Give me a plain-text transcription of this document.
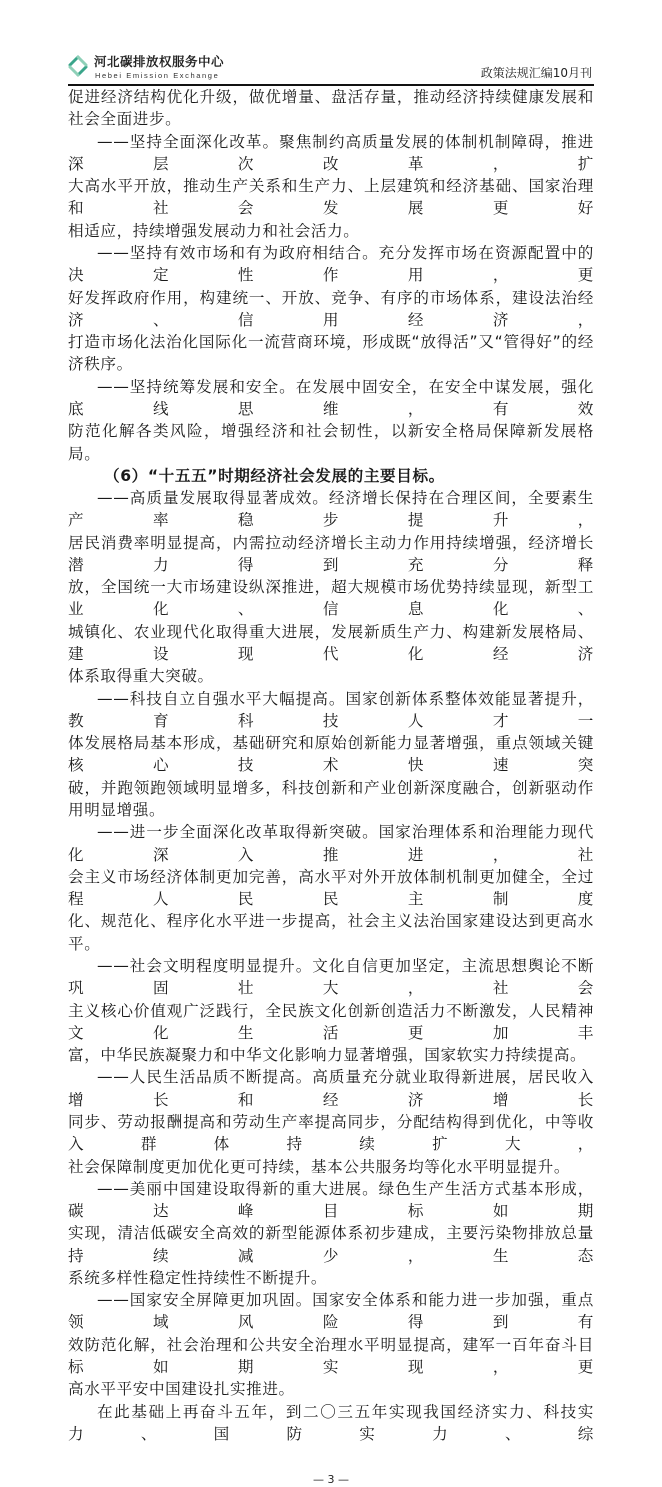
河北碳排放权服务中心
Hebei Emission Exchange	政策法规汇编10月刊
促进经济结构优化升级，做优增量、盘活存量，推动经济持续健康发展和社会全面进步。
——坚持全面深化改革。聚焦制约高质量发展的体制机制障碍，推进深层次改革，扩
大高水平开放，推动生产关系和生产力、上层建筑和经济基础、国家治理和社会发展更好
相适应，持续增强发展动力和社会活力。
——坚持有效市场和有为政府相结合。充分发挥市场在资源配置中的决定性作用，更
好发挥政府作用，构建统一、开放、竞争、有序的市场体系，建设法治经济、信用经济，
打造市场化法治化国际化一流营商环境，形成既“放得活”又“管得好”的经济秩序。
——坚持统筹发展和安全。在发展中固安全，在安全中谋发展，强化底线思维，有效
防范化解各类风险，增强经济和社会韧性，以新安全格局保障新发展格局。
（6）“十五五”时期经济社会发展的主要目标。
——高质量发展取得显著成效。经济增长保持在合理区间，全要素生产率稳步提升，
居民消费率明显提高，内需拉动经济增长主动力作用持续增强，经济增长潜力得到充分释
放，全国统一大市场建设纵深推进，超大规模市场优势持续显现，新型工业化、信息化、
城镇化、农业现代化取得重大进展，发展新质生产力、构建新发展格局、建设现代化经济
体系取得重大突破。
——科技自立自强水平大幅提高。国家创新体系整体效能显著提升，教育科技人才一
体发展格局基本形成，基础研究和原始创新能力显著增强，重点领域关键核心技术快速突
破，并跑领跑领域明显增多，科技创新和产业创新深度融合，创新驱动作用明显增强。
——进一步全面深化改革取得新突破。国家治理体系和治理能力现代化深入推进，社
会主义市场经济体制更加完善，高水平对外开放体制机制更加健全，全过程人民民主制度
化、规范化、程序化水平进一步提高，社会主义法治国家建设达到更高水平。
——社会文明程度明显提升。文化自信更加坚定，主流思想舆论不断巩固壮大，社会
主义核心价值观广泛践行，全民族文化创新创造活力不断激发，人民精神文化生活更加丰
富，中华民族凝聚力和中华文化影响力显著增强，国家软实力持续提高。
——人民生活品质不断提高。高质量充分就业取得新进展，居民收入增长和经济增长
同步、劳动报酬提高和劳动生产率提高同步，分配结构得到优化，中等收入群体持续扩大，
社会保障制度更加优化更可持续，基本公共服务均等化水平明显提升。
——美丽中国建设取得新的重大进展。绿色生产生活方式基本形成，碳达峰目标如期
实现，清洁低碳安全高效的新型能源体系初步建成，主要污染物排放总量持续减少，生态
系统多样性稳定性持续性不断提升。
——国家安全屏障更加巩固。国家安全体系和能力进一步加强，重点领域风险得到有
效防范化解，社会治理和公共安全治理水平明显提高，建军一百年奋斗目标如期实现，更
高水平平安中国建设扎实推进。
在此基础上再奋斗五年，到二〇三五年实现我国经济实力、科技实力、国防实力、综
— 3 —
